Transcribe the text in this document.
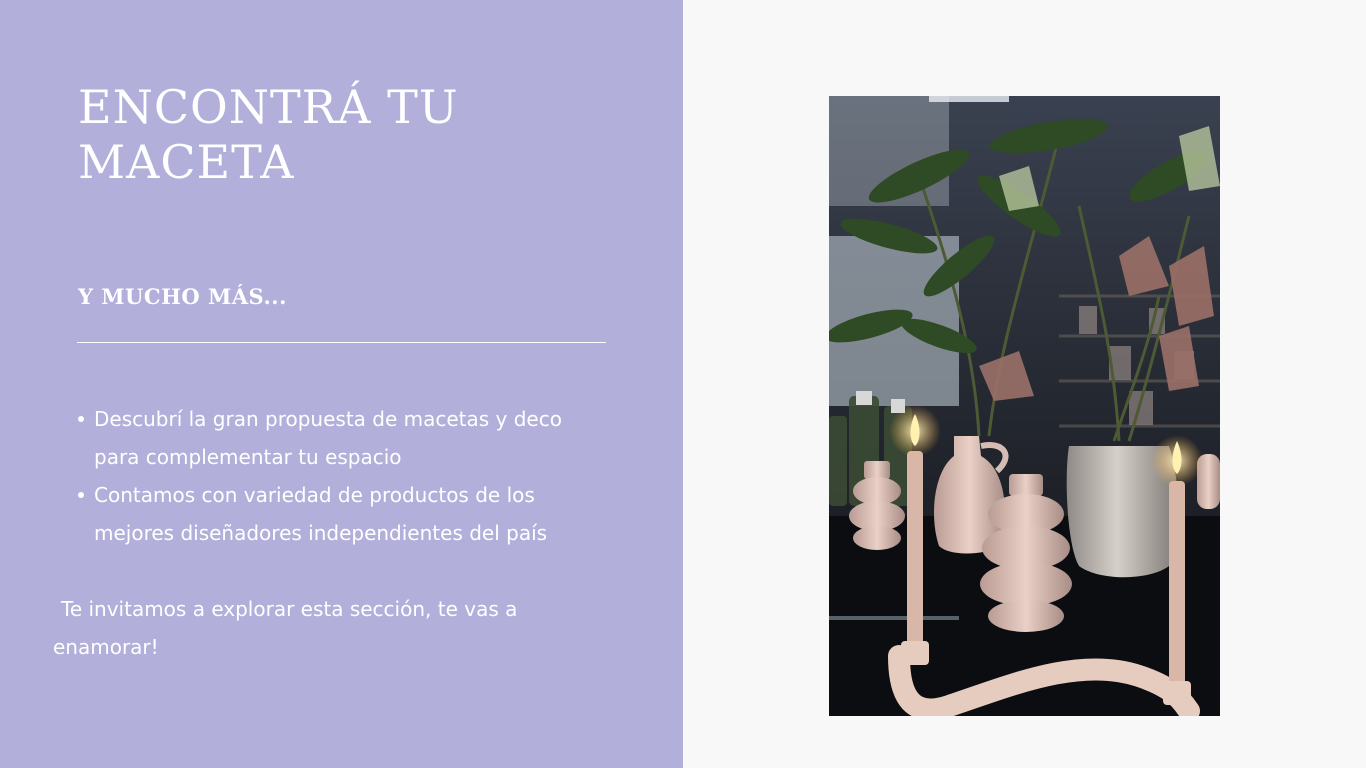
ENCONTRÁ TU MACETA
Y MUCHO MÁS...
Descubrí la gran propuesta de macetas y deco para complementar tu espacio
Contamos con variedad de productos de los mejores diseñadores independientes del país

Te invitamos a explorar esta sección, te vas a enamorar!
